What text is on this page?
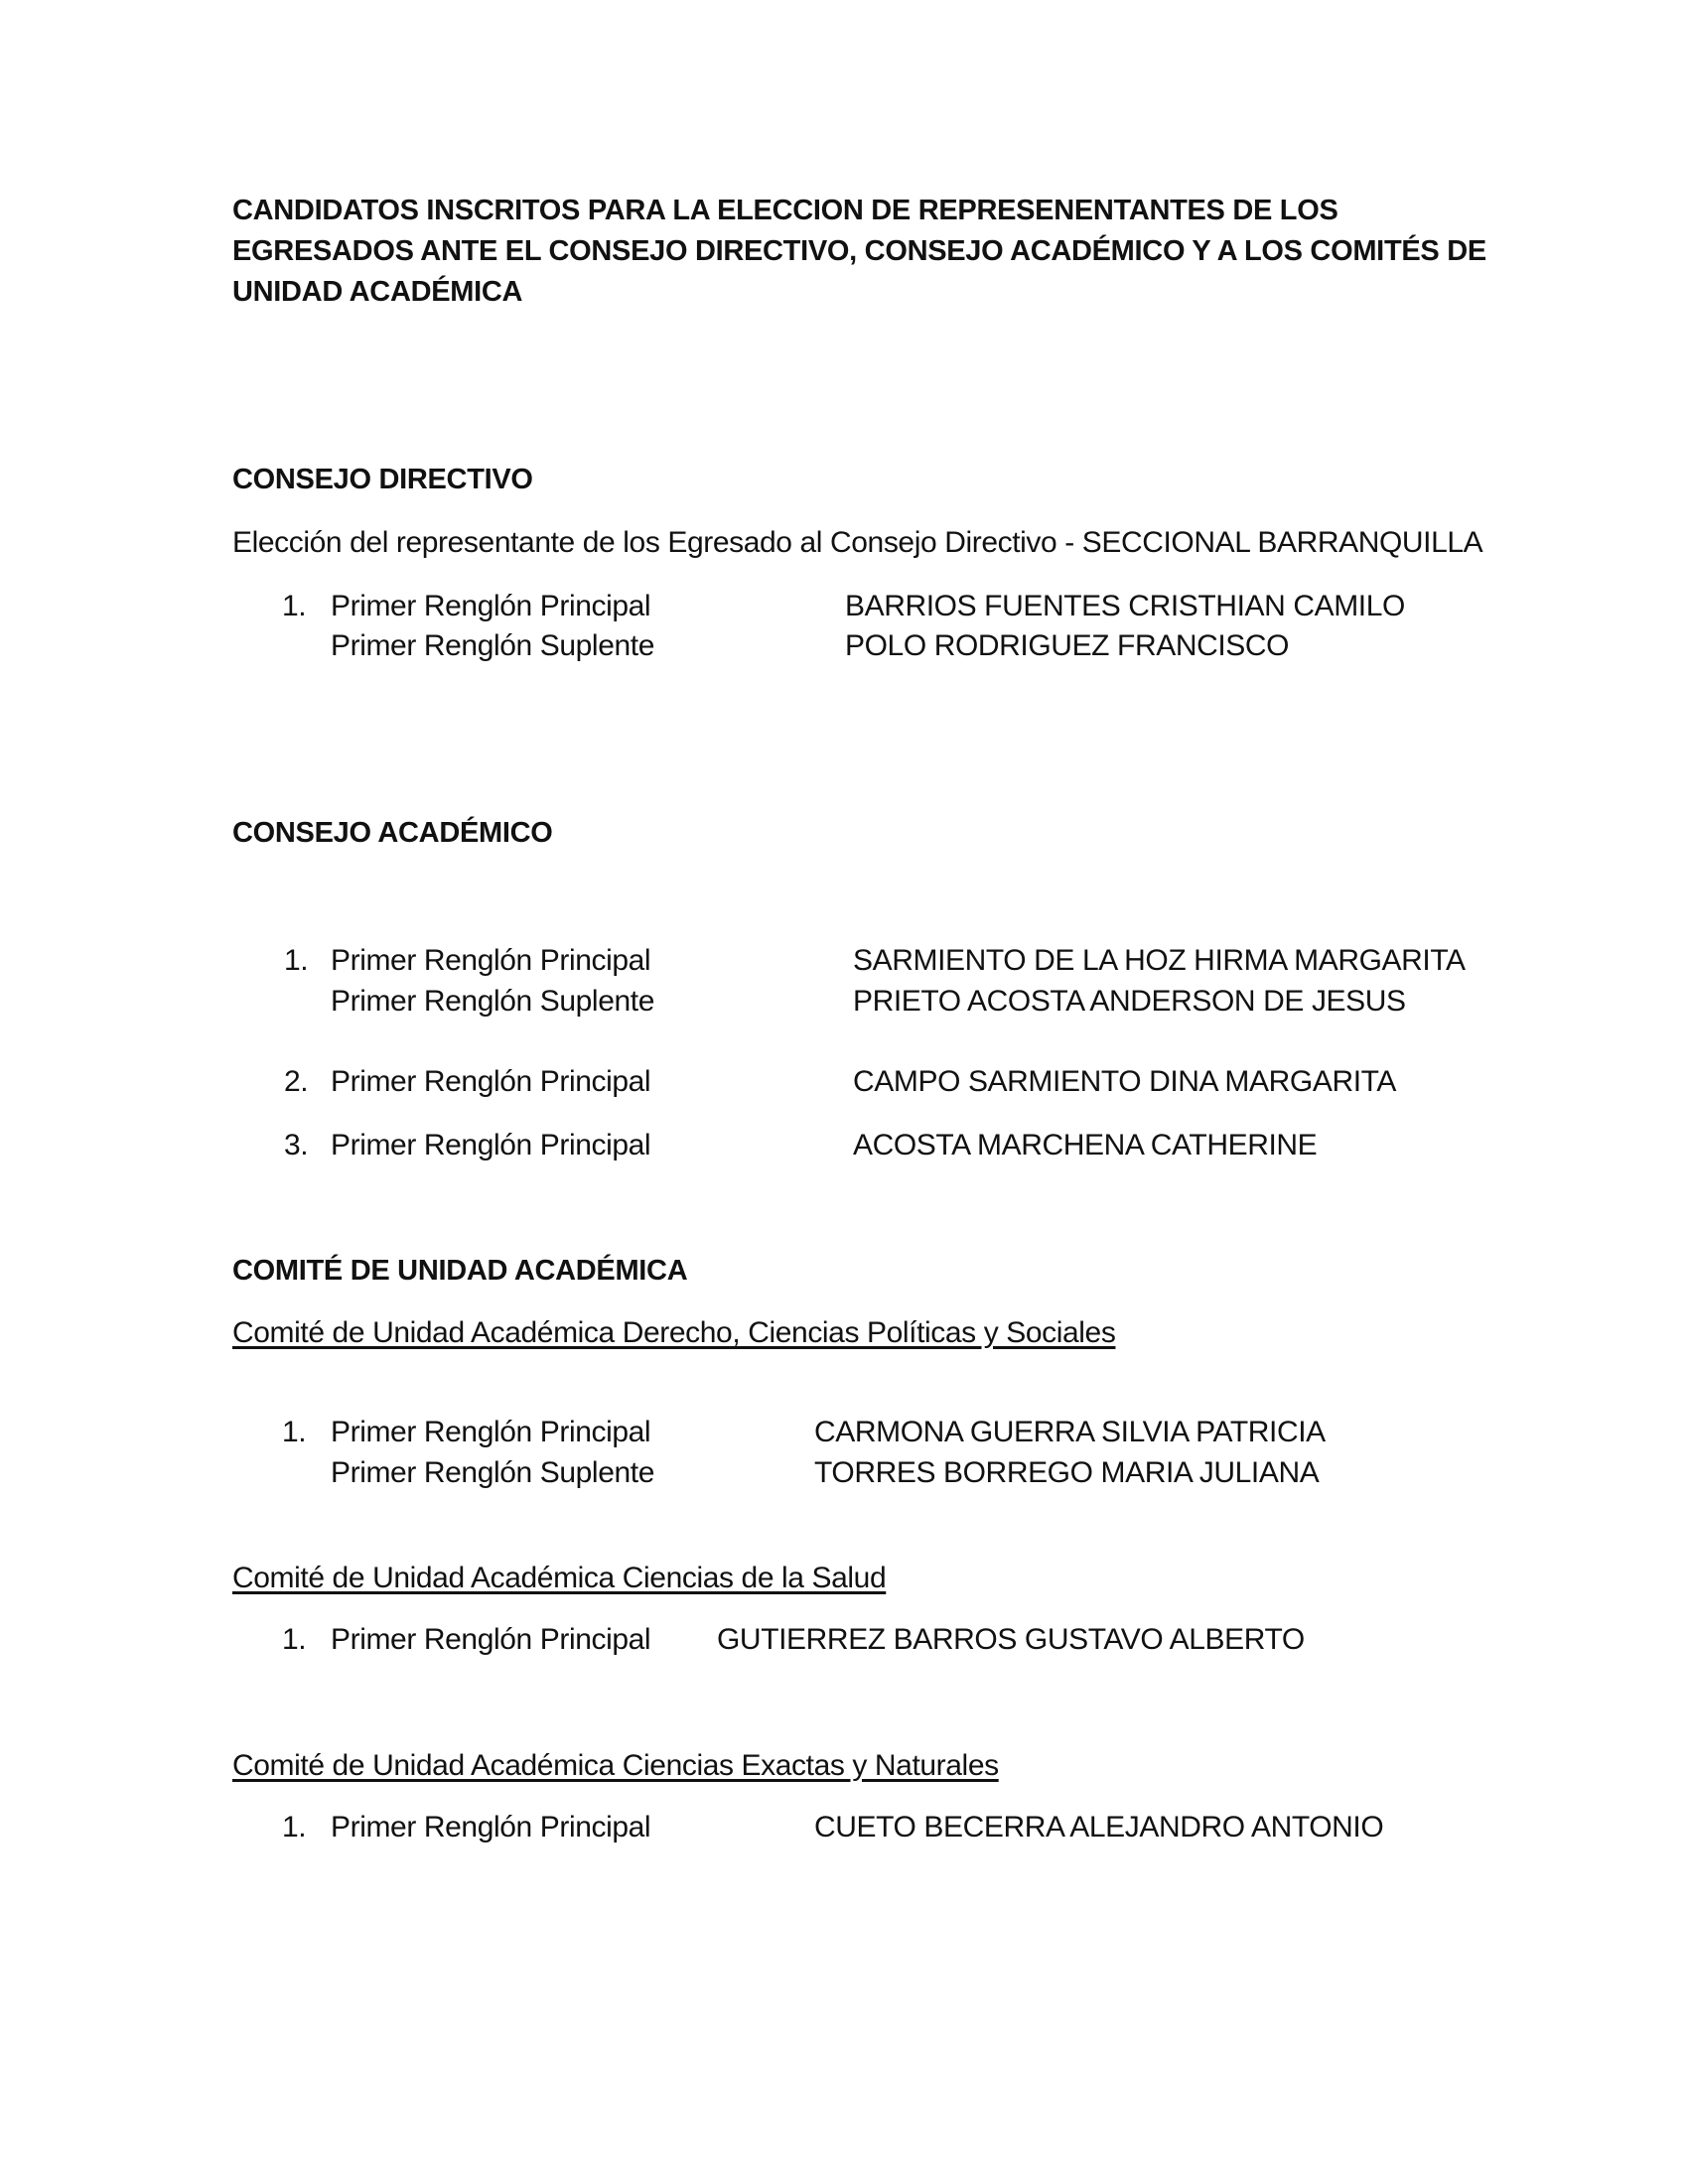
CANDIDATOS INSCRITOS PARA LA ELECCION DE REPRESENENTANTES DE LOS
EGRESADOS ANTE EL CONSEJO DIRECTIVO, CONSEJO ACADÉMICO Y A LOS COMITÉS DE
UNIDAD ACADÉMICA
CONSEJO DIRECTIVO
Elección del representante de los Egresado al Consejo Directivo - SECCIONAL BARRANQUILLA
1. Primer Renglón Principal	BARRIOS FUENTES CRISTHIAN CAMILO
Primer Renglón Suplente	POLO RODRIGUEZ FRANCISCO
CONSEJO ACADÉMICO
1. Primer Renglón Principal	SARMIENTO DE LA HOZ HIRMA MARGARITA
Primer Renglón Suplente	PRIETO ACOSTA ANDERSON DE JESUS
2. Primer Renglón Principal	CAMPO SARMIENTO DINA MARGARITA
3. Primer Renglón Principal	ACOSTA MARCHENA CATHERINE
COMITÉ DE UNIDAD ACADÉMICA
Comité de Unidad Académica Derecho, Ciencias Políticas y Sociales
1. Primer Renglón Principal	CARMONA GUERRA SILVIA PATRICIA
Primer Renglón Suplente	TORRES BORREGO MARIA JULIANA
Comité de Unidad Académica Ciencias de la Salud
1. Primer Renglón Principal GUTIERREZ BARROS GUSTAVO ALBERTO
Comité de Unidad Académica Ciencias Exactas y Naturales
1. Primer Renglón Principal	CUETO BECERRA ALEJANDRO ANTONIO
